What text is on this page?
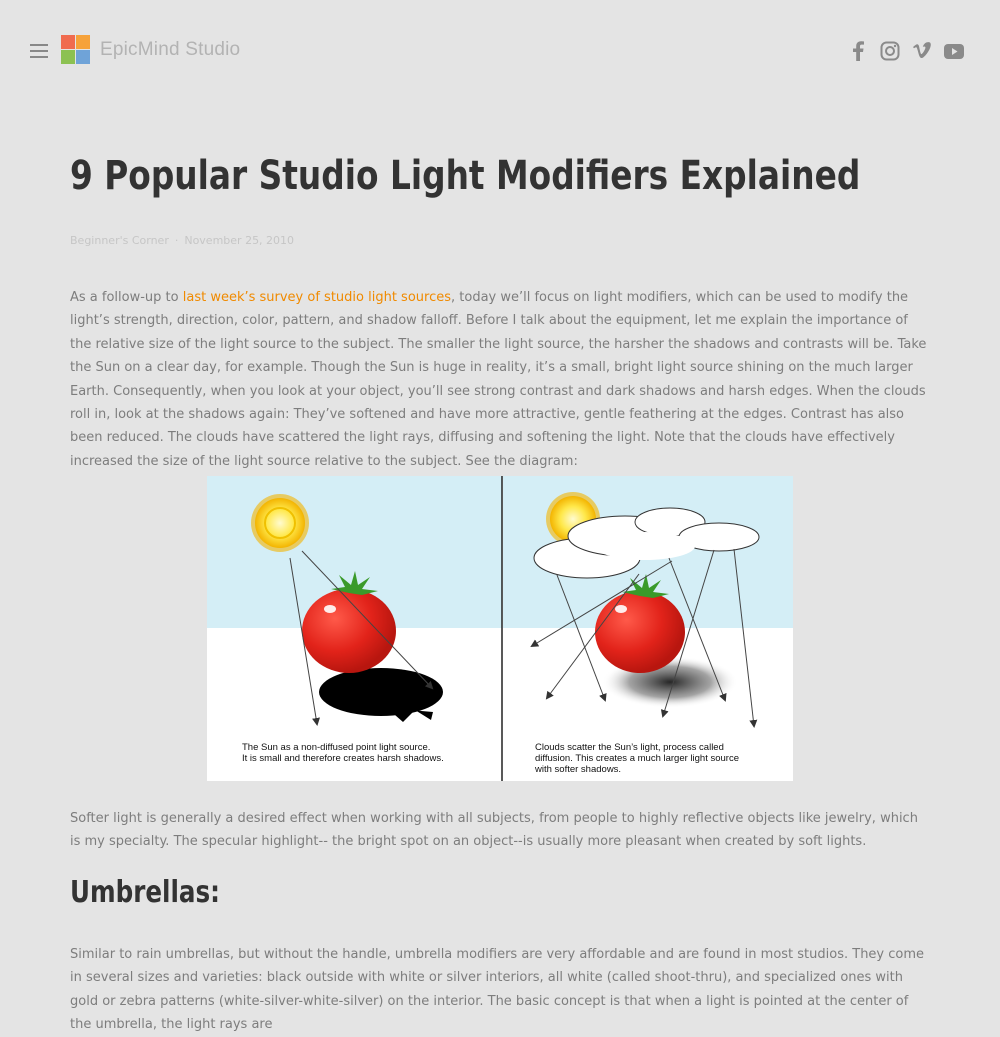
EpicMind Studio
9 Popular Studio Light Modifiers Explained
Beginner's Corner · November 25, 2010

As a follow-up to last week’s survey of studio light sources, today we’ll focus on light modifiers, which can be used to modify the light’s strength, direction, color, pattern, and shadow falloff. Before I talk about the equipment, let me explain the importance of the relative size of the light source to the subject. The smaller the light source, the harsher the shadows and contrasts will be. Take the Sun on a clear day, for example. Though the Sun is huge in reality, it’s a small, bright light source shining on the much larger Earth. Consequently, when you look at your object, you’ll see strong contrast and dark shadows and harsh edges. When the clouds roll in, look at the shadows again: They’ve softened and have more attractive, gentle feathering at the edges. Contrast has also been reduced. The clouds have scattered the light rays, diffusing and softening the light. Note that the clouds have effectively increased the size of the light source relative to the subject. See the diagram:

The Sun as a non-diffused point light source.
It is small and therefore creates harsh shadows.
Clouds scatter the Sun’s light, process called
diffusion. This creates a much larger light source
with softer shadows.

Softer light is generally a desired effect when working with all subjects, from people to highly reflective objects like jewelry, which is my specialty. The specular highlight-- the bright spot on an object--is usually more pleasant when created by soft lights.

Umbrellas:

Similar to rain umbrellas, but without the handle, umbrella modifiers are very affordable and are found in most studios. They come in several sizes and varieties: black outside with white or silver interiors, all white (called shoot-thru), and specialized ones with gold or zebra patterns (white-silver-white-silver) on the interior. The basic concept is that when a light is pointed at the center of the umbrella, the light rays are
